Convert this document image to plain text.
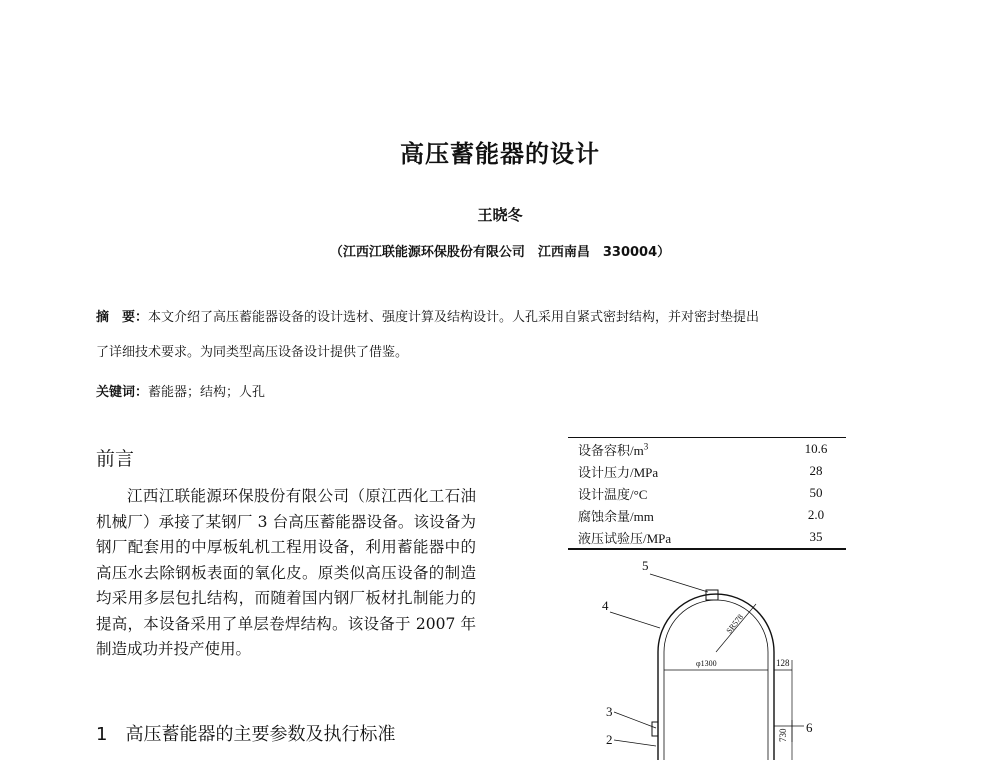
高压蓄能器的设计
王晓冬
（江西江联能源环保股份有限公司　江西南昌　330004）
摘　要：本文介绍了高压蓄能器设备的设计选材、强度计算及结构设计。人孔采用自紧式密封结构，并对密封垫提出
了详细技术要求。为同类型高压设备设计提供了借鉴。
关键词：蓄能器；结构；人孔
前言

江西江联能源环保股份有限公司（原江西化工石油机械厂）承接了某钢厂 3 台高压蓄能器设备。该设备为钢厂配套用的中厚板轧机工程用设备，利用蓄能器中的高压水去除钢板表面的氧化皮。原类似高压设备的制造均采用多层包扎结构，而随着国内钢厂板材扎制能力的提高，本设备采用了单层卷焊结构。该设备于 2007 年制造成功并投产使用。

1　高压蓄能器的主要参数及执行标准
设备容积$/m^3$	10.6
设计压力/MPa	28
设计温度/°C	50
腐蚀余量/mm	2.0
液压试验压/MPa	35
5
4
3
2
6
φ1300	128
SR578
730
